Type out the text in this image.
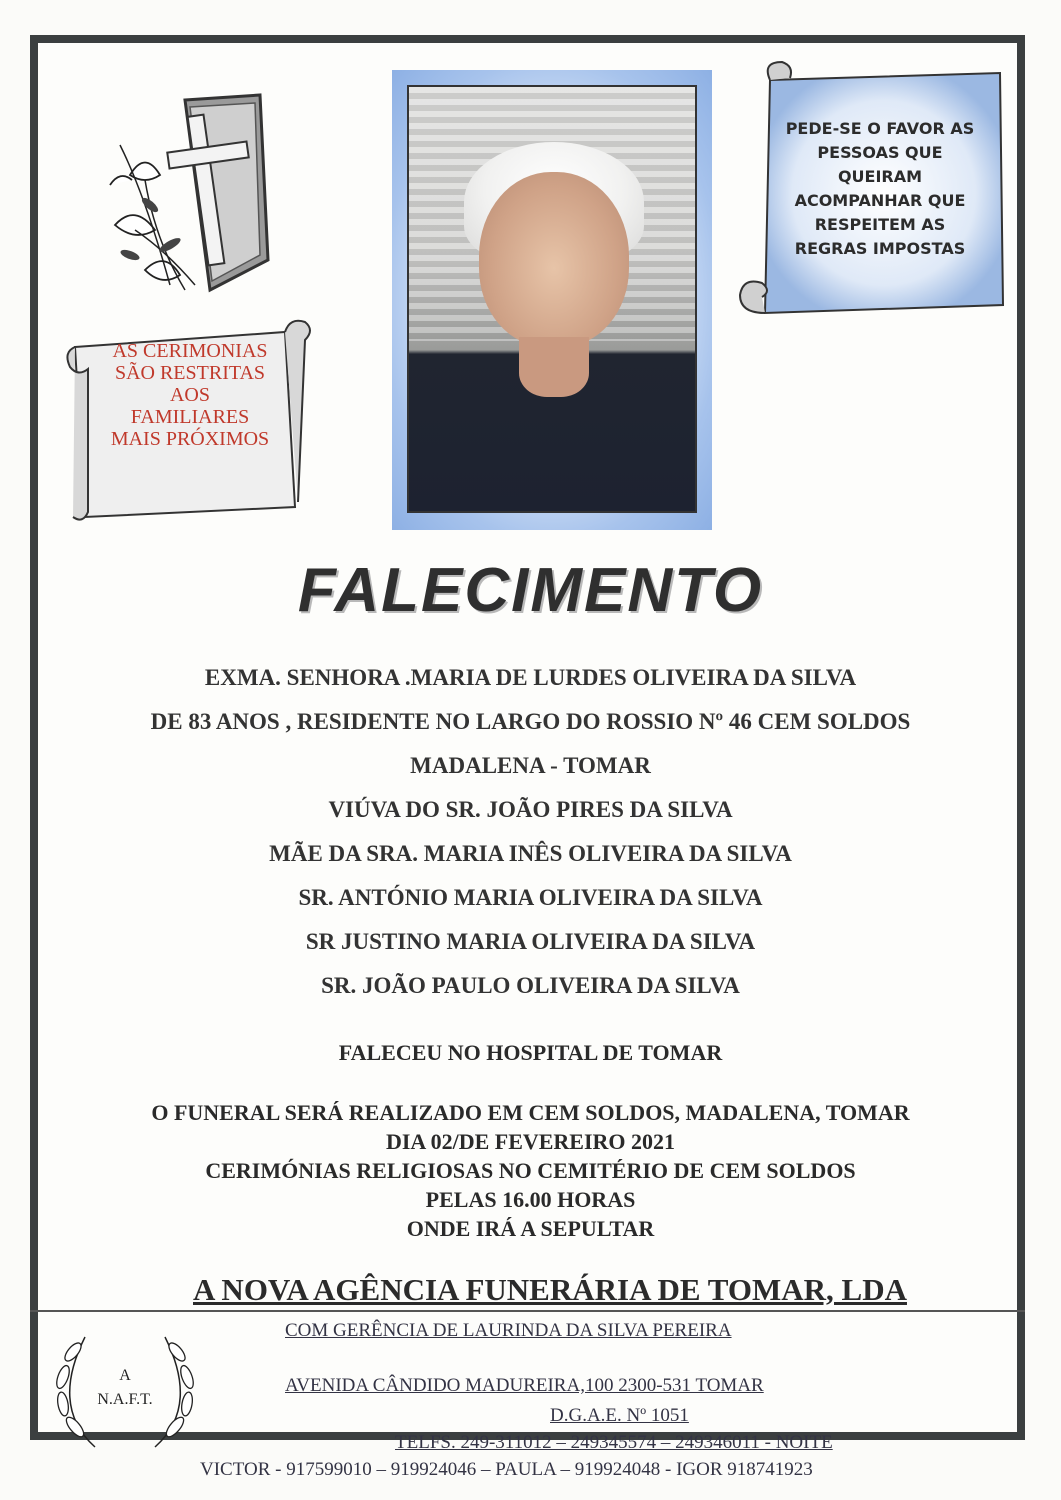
AS CERIMONIAS
SÃO RESTRITAS
AOS
FAMILIARES
MAIS PRÓXIMOS
PEDE-SE O FAVOR AS
PESSOAS QUE
QUEIRAM
ACOMPANHAR QUE
RESPEITEM AS
REGRAS IMPOSTAS
FALECIMENTO
EXMA. SENHORA .MARIA DE LURDES OLIVEIRA DA SILVA
DE 83 ANOS , RESIDENTE NO LARGO DO ROSSIO Nº 46 CEM SOLDOS
MADALENA - TOMAR
VIÚVA DO SR. JOÃO PIRES DA SILVA
MÃE DA SRA. MARIA INÊS OLIVEIRA DA SILVA
SR. ANTÓNIO MARIA OLIVEIRA DA SILVA
SR JUSTINO MARIA OLIVEIRA DA SILVA
SR. JOÃO PAULO OLIVEIRA DA SILVA
FALECEU NO HOSPITAL DE TOMAR
O FUNERAL SERÁ REALIZADO EM CEM SOLDOS, MADALENA, TOMAR
DIA 02/DE FEVEREIRO 2021
CERIMÓNIAS RELIGIOSAS NO CEMITÉRIO DE CEM SOLDOS
PELAS 16.00 HORAS
ONDE IRÁ A SEPULTAR
A NOVA AGÊNCIA FUNERÁRIA DE TOMAR, LDA
A
N.A.F.T.
COM GERÊNCIA DE LAURINDA DA SILVA PEREIRA
AVENIDA CÂNDIDO MADUREIRA,100 2300-531 TOMAR
D.G.A.E. Nº 1051
TELFS. 249-311012 – 249345574 – 249346011 - NOITE
VICTOR - 917599010 – 919924046 – PAULA – 919924048 - IGOR 918741923
